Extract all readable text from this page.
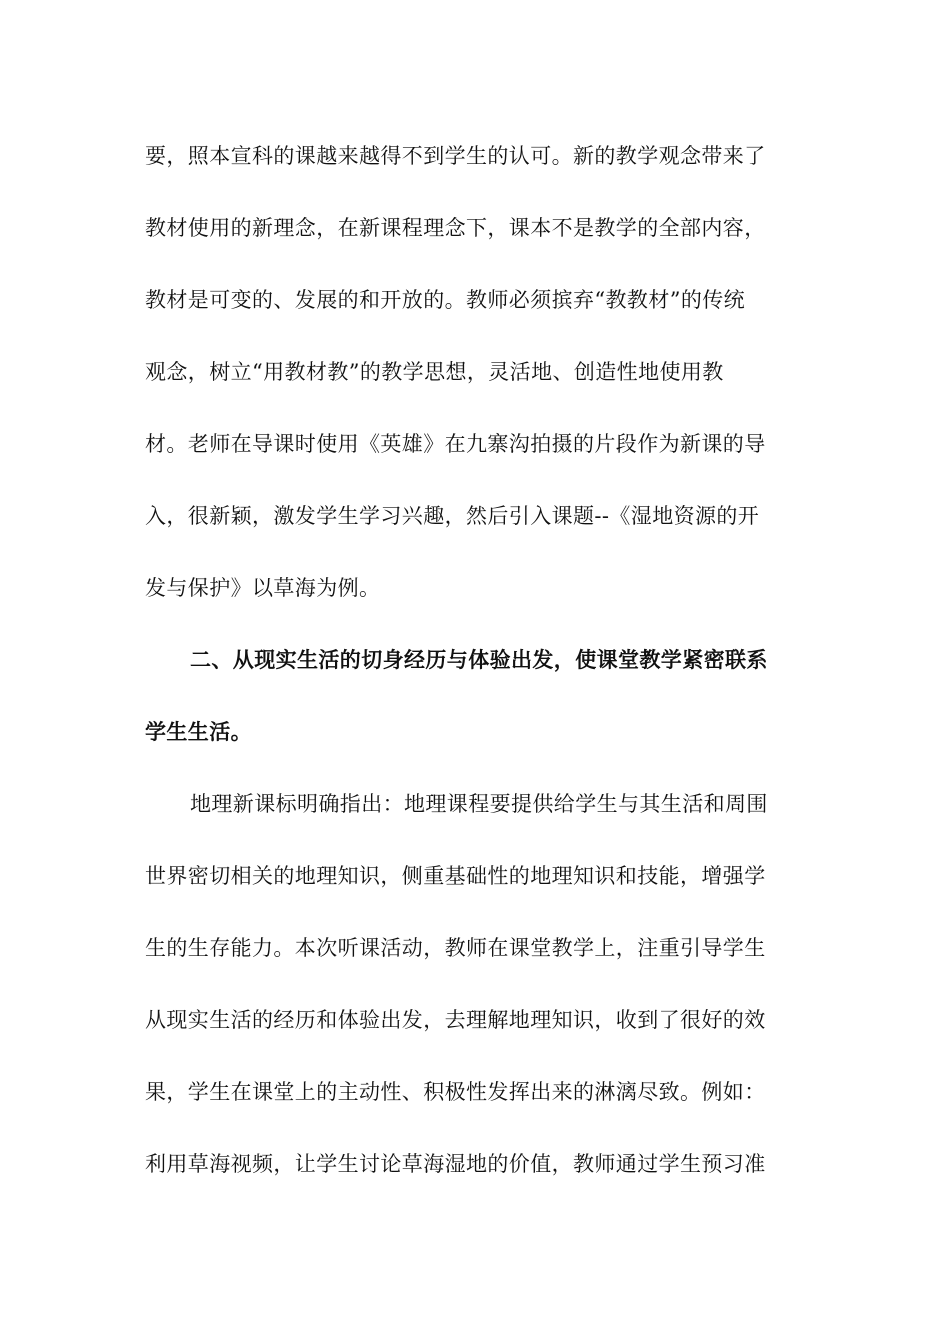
要，照本宣科的课越来越得不到学生的认可。新的教学观念带来了
教材使用的新理念，在新课程理念下，课本不是教学的全部内容，
教材是可变的、发展的和开放的。教师必须摈弃“教教材”的传统
观念，树立“用教材教”的教学思想，灵活地、创造性地使用教
材。老师在导课时使用《英雄》在九寨沟拍摄的片段作为新课的导
入，很新颖，激发学生学习兴趣，然后引入课题--《湿地资源的开
发与保护》以草海为例。
二、从现实生活的切身经历与体验出发，使课堂教学紧密联系
学生生活。
地理新课标明确指出：地理课程要提供给学生与其生活和周围
世界密切相关的地理知识，侧重基础性的地理知识和技能，增强学
生的生存能力。本次听课活动，教师在课堂教学上，注重引导学生
从现实生活的经历和体验出发，去理解地理知识，收到了很好的效
果，学生在课堂上的主动性、积极性发挥出来的淋漓尽致。例如：
利用草海视频，让学生讨论草海湿地的价值，教师通过学生预习准
